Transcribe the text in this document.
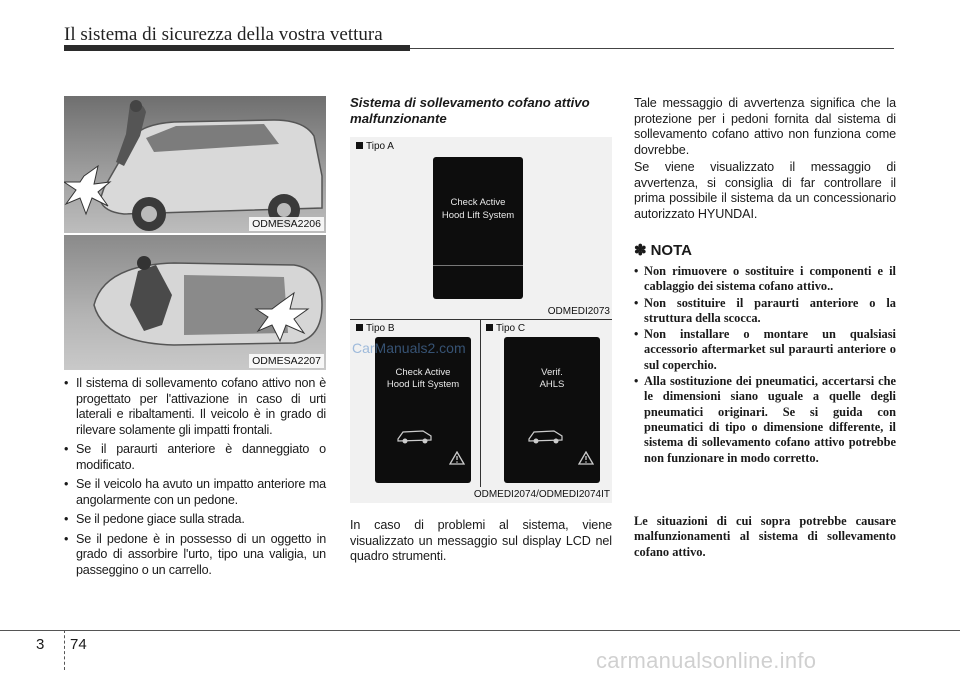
Il sistema di sicurezza della vostra vettura
ODMESA2206
ODMESA2207
• Il sistema di sollevamento cofano attivo non è progettato per l'attivazione in caso di urti laterali e ribaltamenti. Il veicolo è in grado di rilevare solamente gli impatti frontali.
• Se il paraurti anteriore è danneggiato o modificato.
• Se il veicolo ha avuto un impatto anteriore ma angolarmente con un pedone.
• Se il pedone giace sulla strada.
• Se il pedone è in possesso di un oggetto in grado di assorbire l'urto, tipo una valigia, un passeggino o un carrello.
Sistema di sollevamento cofano attivo malfunzionante
Tipo A
Check Active
Hood Lift System
ODMEDI2073
Tipo B
Check Active
Hood Lift System
Tipo C
Verif.
AHLS
ODMEDI2074/ODMEDI2074IT
In caso di problemi al sistema, viene visualizzato un messaggio sul display LCD nel quadro strumenti.
Tale messaggio di avvertenza significa che la protezione per i pedoni fornita dal sistema di sollevamento cofano attivo non funziona come dovrebbe.
Se viene visualizzato il messaggio di avvertenza, si consiglia di far controllare il prima possibile il sistema da un concessionario autorizzato HYUNDAI.
✽ NOTA
• Non rimuovere o sostituire i componenti e il cablaggio dei sistema cofano attivo..
• Non sostituire il paraurti anteriore o la struttura della scocca.
• Non installare o montare un qualsiasi accessorio aftermarket sul paraurti anteriore o sul coperchio.
• Alla sostituzione dei pneumatici, accertarsi che le dimensioni siano uguale a quelle degli pneumatici originari. Se si guida con pneumatici di tipo o dimensione differente, il sistema di sollevamento cofano attivo potrebbe non funzionare in modo corretto.
Le situazioni di cui sopra potrebbe causare malfunzionamenti al sistema di sollevamento cofano attivo.
3 74
CarManuals2.com
carmanualsonline.info
